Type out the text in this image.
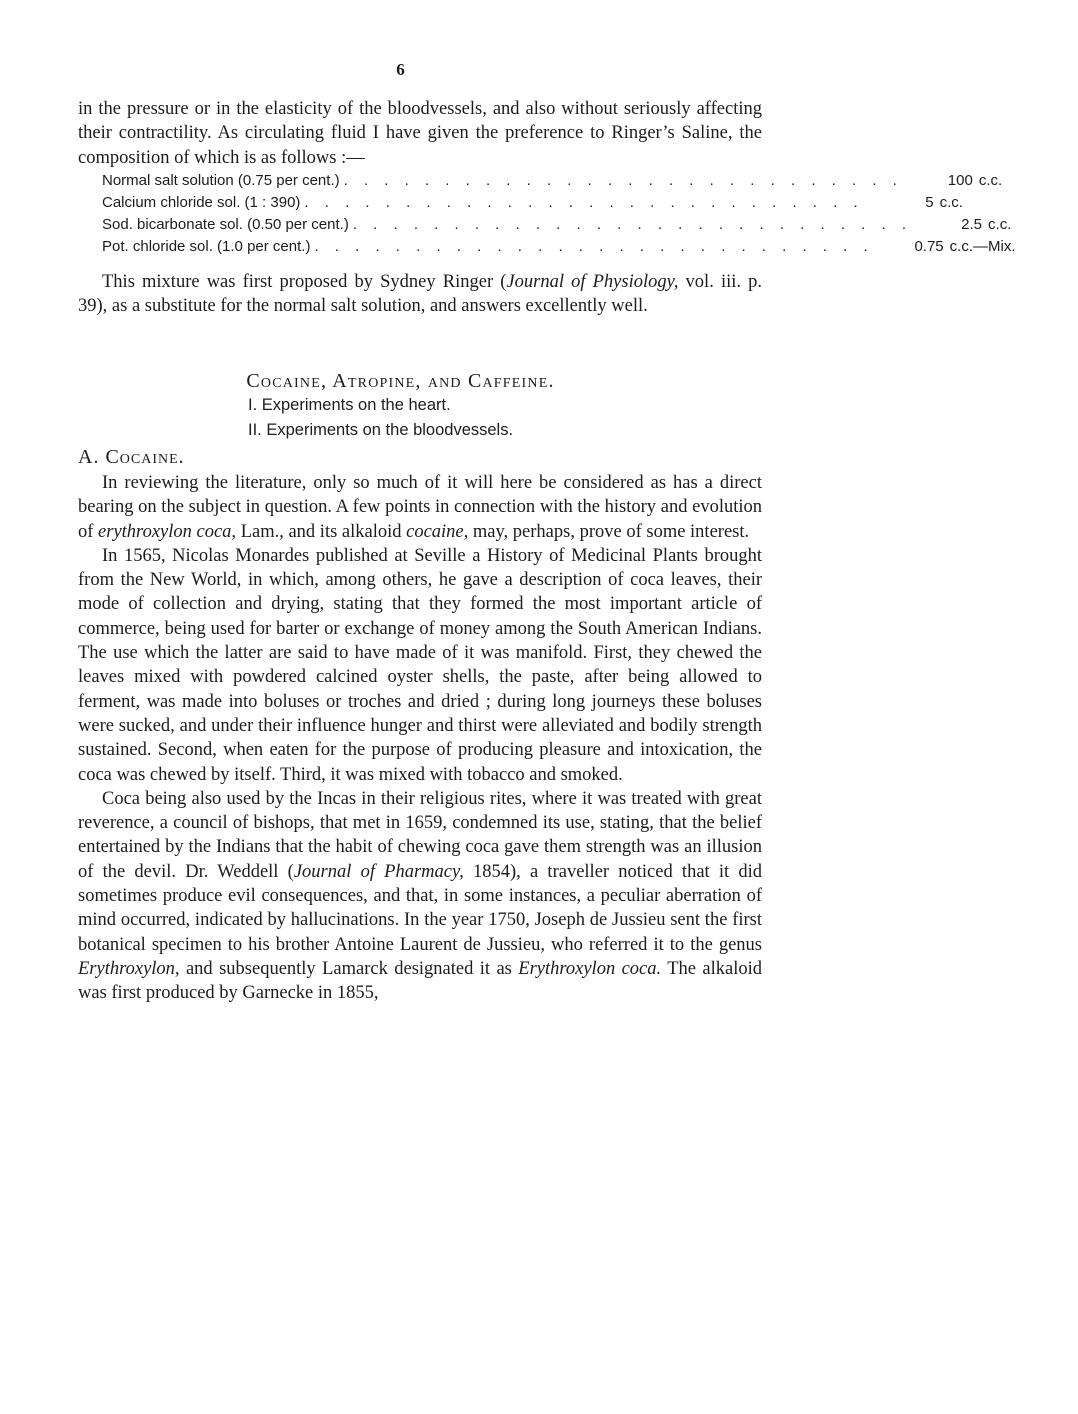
6

in the pressure or in the elasticity of the bloodvessels, and also without seriously affecting their contractility. As circulating fluid I have given the preference to Ringer’s Saline, the composition of which is as follows :—

Normal salt solution (0.75 per cent.) . . . . . . . . . . . . . . . . . . . . . . . . . . . .	100 c.c.
Calcium chloride sol. (1 : 390) . . . . . . . . . . . . . . . . . . . . . . . . . . . .	5 c.c.
Sod. bicarbonate sol. (0.50 per cent.) . . . . . . . . . . . . . . . . . . . . . . . . . . . .	2.5 c.c.
Pot. chloride sol. (1.0 per cent.) . . . . . . . . . . . . . . . . . . . . . . . . . . . .	0.75 c.c.—Mix.

This mixture was first proposed by Sydney Ringer (Journal of Physiology, vol. iii. p. 39), as a substitute for the normal salt solution, and answers excellently well.

Cocaine, Atropine, and Caffeine.
I. Experiments on the heart.
II. Experiments on the bloodvessels.
A. Cocaine.

In reviewing the literature, only so much of it will here be considered as has a direct bearing on the subject in question. A few points in connection with the history and evolution of erythroxylon coca, Lam., and its alkaloid cocaine, may, perhaps, prove of some interest.

In 1565, Nicolas Monardes published at Seville a History of Medicinal Plants brought from the New World, in which, among others, he gave a description of coca leaves, their mode of collection and drying, stating that they formed the most important article of commerce, being used for barter or exchange of money among the South American Indians. The use which the latter are said to have made of it was manifold. First, they chewed the leaves mixed with powdered calcined oyster shells, the paste, after being allowed to ferment, was made into boluses or troches and dried ; during long journeys these boluses were sucked, and under their influence hunger and thirst were alleviated and bodily strength sustained. Second, when eaten for the purpose of producing pleasure and intoxication, the coca was chewed by itself. Third, it was mixed with tobacco and smoked.

Coca being also used by the Incas in their religious rites, where it was treated with great reverence, a council of bishops, that met in 1659, condemned its use, stating, that the belief entertained by the Indians that the habit of chewing coca gave them strength was an illusion of the devil. Dr. Weddell (Journal of Pharmacy, 1854), a traveller noticed that it did sometimes produce evil consequences, and that, in some instances, a peculiar aberration of mind occurred, indicated by hallucinations. In the year 1750, Joseph de Jussieu sent the first botanical specimen to his brother Antoine Laurent de Jussieu, who referred it to the genus Erythroxylon, and subsequently Lamarck designated it as Erythroxylon coca. The alkaloid was first produced by Garnecke in 1855,
